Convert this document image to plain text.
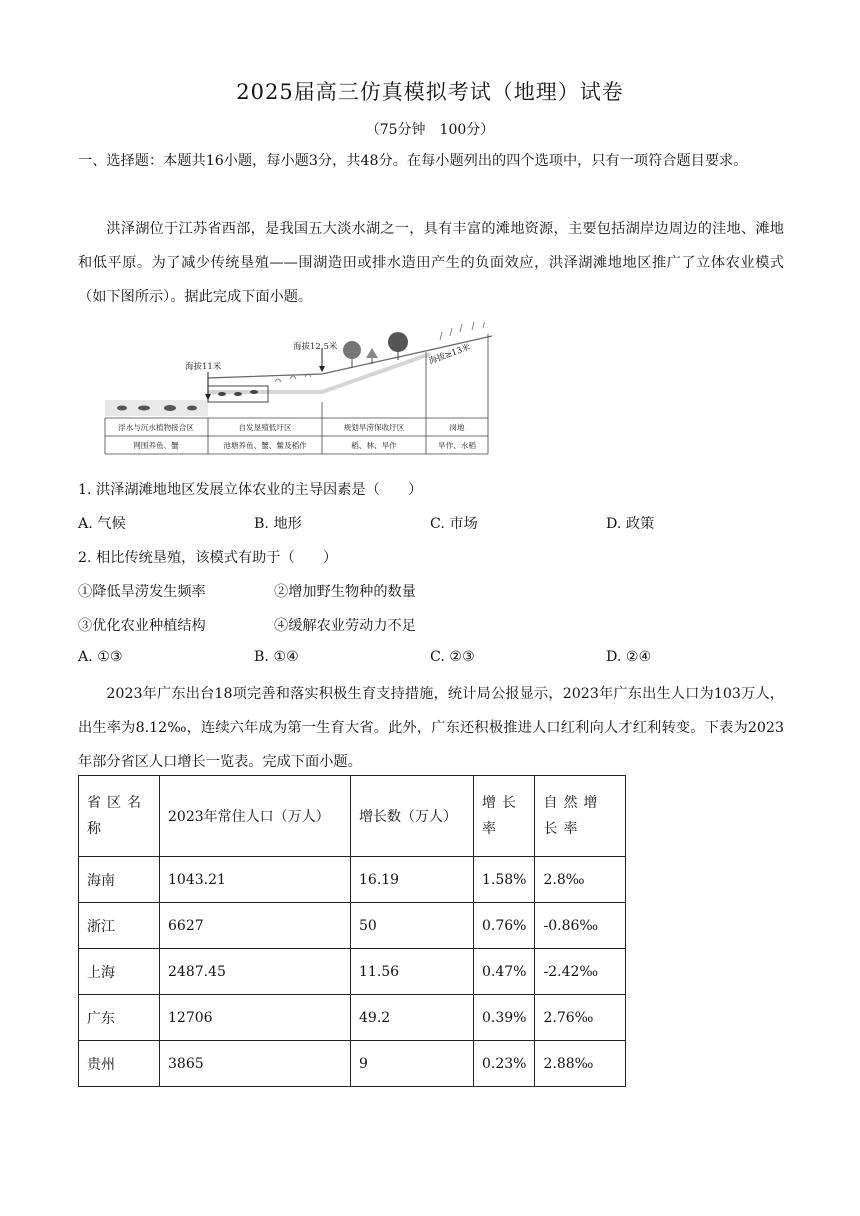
2025届高三仿真模拟考试（地理）试卷
（75分钟　100分）
一、选择题：本题共16小题，每小题3分，共48分。在每小题列出的四个选项中，只有一项符合题目要求。
洪泽湖位于江苏省西部，是我国五大淡水湖之一，具有丰富的滩地资源，主要包括湖岸边周边的洼地、滩地和低平原。为了减少传统垦殖——围湖造田或排水造田产生的负面效应，洪泽湖滩地地区推广了立体农业模式（如下图所示）。据此完成下面小题。
海拔11米
海拔12.5米	海拔≥13米
浮水与沉水植物接合区	自发垦殖低圩区	规划旱涝保收圩区	岗地
网围养鱼、蟹	池塘养鱼、蟹、鳖及稻作	稻、林、旱作	旱作、水稻
1. 洪泽湖滩地地区发展立体农业的主导因素是（　　）
A. 气候	B. 地形	C. 市场	D. 政策
2. 相比传统垦殖，该模式有助于（　　）
①降低旱涝发生频率	②增加野生物种的数量
③优化农业种植结构	④缓解农业劳动力不足
A. ①③	B. ①④	C. ②③	D. ②④
2023年广东出台18项完善和落实积极生育支持措施，统计局公报显示，2023年广东出生人口为103万人，出生率为8.12‰，连续六年成为第一生育大省。此外，广东还积极推进人口红利向人才红利转变。下表为2023年部分省区人口增长一览表。完成下面小题。
省区名称	2023年常住人口（万人）	增长数（万人）	增长率	自然增长率
海南	1043.21	16.19	1.58%	2.8‰
浙江	6627	50	0.76%	-0.86‰
上海	2487.45	11.56	0.47%	-2.42‰
广东	12706	49.2	0.39%	2.76‰
贵州	3865	9	0.23%	2.88‰
